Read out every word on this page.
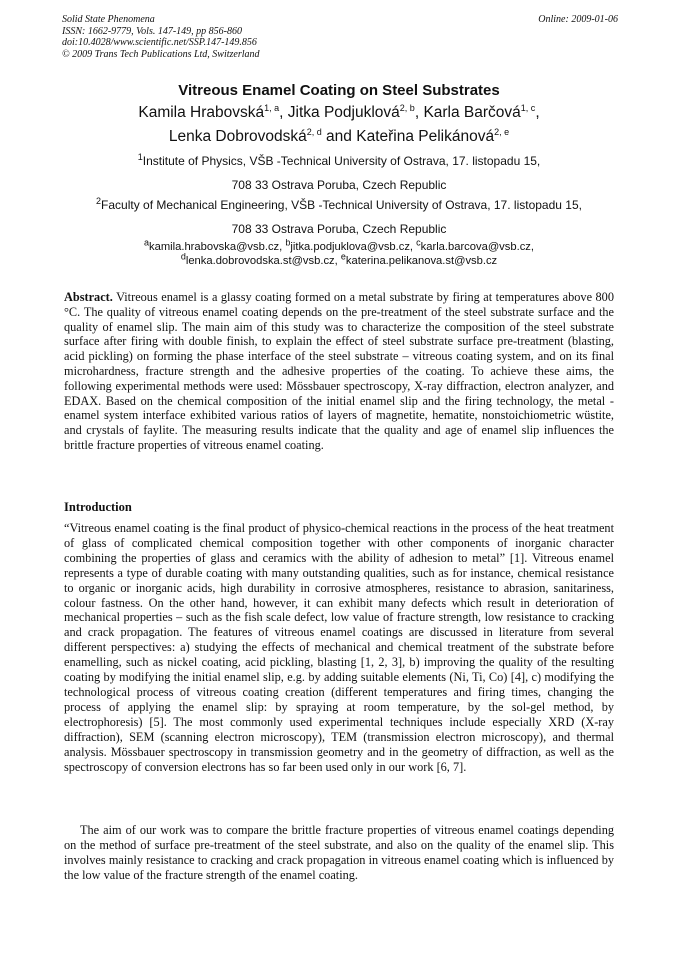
Solid State Phenomena
ISSN: 1662-9779, Vols. 147-149, pp 856-860
doi:10.4028/www.scientific.net/SSP.147-149.856
© 2009 Trans Tech Publications Ltd, Switzerland
Online: 2009-01-06
Vitreous Enamel Coating on Steel Substrates
Kamila Hrabovská$^{1, a}$, Jitka Podjuklová$^{2, b}$, Karla Barčová$^{1, c}$,
Lenka Dobrovodská$^{2, d}$ and Kateřina Pelikánová$^{2, e}$
$^1$Institute of Physics, VŠB -Technical University of Ostrava, 17. listopadu 15,
708 33 Ostrava Poruba, Czech Republic
$^2$Faculty of Mechanical Engineering, VŠB -Technical University of Ostrava, 17. listopadu 15,
708 33 Ostrava Poruba, Czech Republic
$^a$kamila.hrabovska@vsb.cz, $^b$jitka.podjuklova@vsb.cz, $^c$karla.barcova@vsb.cz,
$^d$lenka.dobrovodska.st@vsb.cz, $^e$katerina.pelikanova.st@vsb.cz
Abstract. Vitreous enamel is a glassy coating formed on a metal substrate by firing at temperatures above 800 °C. The quality of vitreous enamel coating depends on the pre-treatment of the steel substrate surface and the quality of enamel slip. The main aim of this study was to characterize the composition of the steel substrate surface after firing with double finish, to explain the effect of steel substrate surface pre-treatment (blasting, acid pickling) on forming the phase interface of the steel substrate – vitreous coating system, and on its final microhardness, fracture strength and the adhesive properties of the coating. To achieve these aims, the following experimental methods were used: Mössbauer spectroscopy, X-ray diffraction, electron analyzer, and EDAX. Based on the chemical composition of the initial enamel slip and the firing technology, the metal - enamel system interface exhibited various ratios of layers of magnetite, hematite, nonstoichiometric wüstite, and crystals of faylite. The measuring results indicate that the quality and age of enamel slip influences the brittle fracture properties of vitreous enamel coating.
Introduction
“Vitreous enamel coating is the final product of physico-chemical reactions in the process of the heat treatment of glass of complicated chemical composition together with other components of inorganic character combining the properties of glass and ceramics with the ability of adhesion to metal” [1]. Vitreous enamel represents a type of durable coating with many outstanding qualities, such as for instance, chemical resistance to organic or inorganic acids, high durability in corrosive atmospheres, resistance to abrasion, sanitariness, colour fastness. On the other hand, however, it can exhibit many defects which result in deterioration of mechanical properties – such as the fish scale defect, low value of fracture strength, low resistance to cracking and crack propagation. The features of vitreous enamel coatings are discussed in literature from several different perspectives: a) studying the effects of mechanical and chemical treatment of the substrate before enamelling, such as nickel coating, acid pickling, blasting [1, 2, 3], b) improving the quality of the resulting coating by modifying the initial enamel slip, e.g. by adding suitable elements (Ni, Ti, Co) [4], c) modifying the technological process of vitreous coating creation (different temperatures and firing times, changing the process of applying the enamel slip: by spraying at room temperature, by the sol-gel method, by electrophoresis) [5]. The most commonly used experimental techniques include especially XRD (X-ray diffraction), SEM (scanning electron microscopy), TEM (transmission electron microscopy), and thermal analysis. Mössbauer spectroscopy in transmission geometry and in the geometry of diffraction, as well as the spectroscopy of conversion electrons has so far been used only in our work [6, 7].
The aim of our work was to compare the brittle fracture properties of vitreous enamel coatings depending on the method of surface pre-treatment of the steel substrate, and also on the quality of the enamel slip. This involves mainly resistance to cracking and crack propagation in vitreous enamel coating which is influenced by the low value of the fracture strength of the enamel coating.
